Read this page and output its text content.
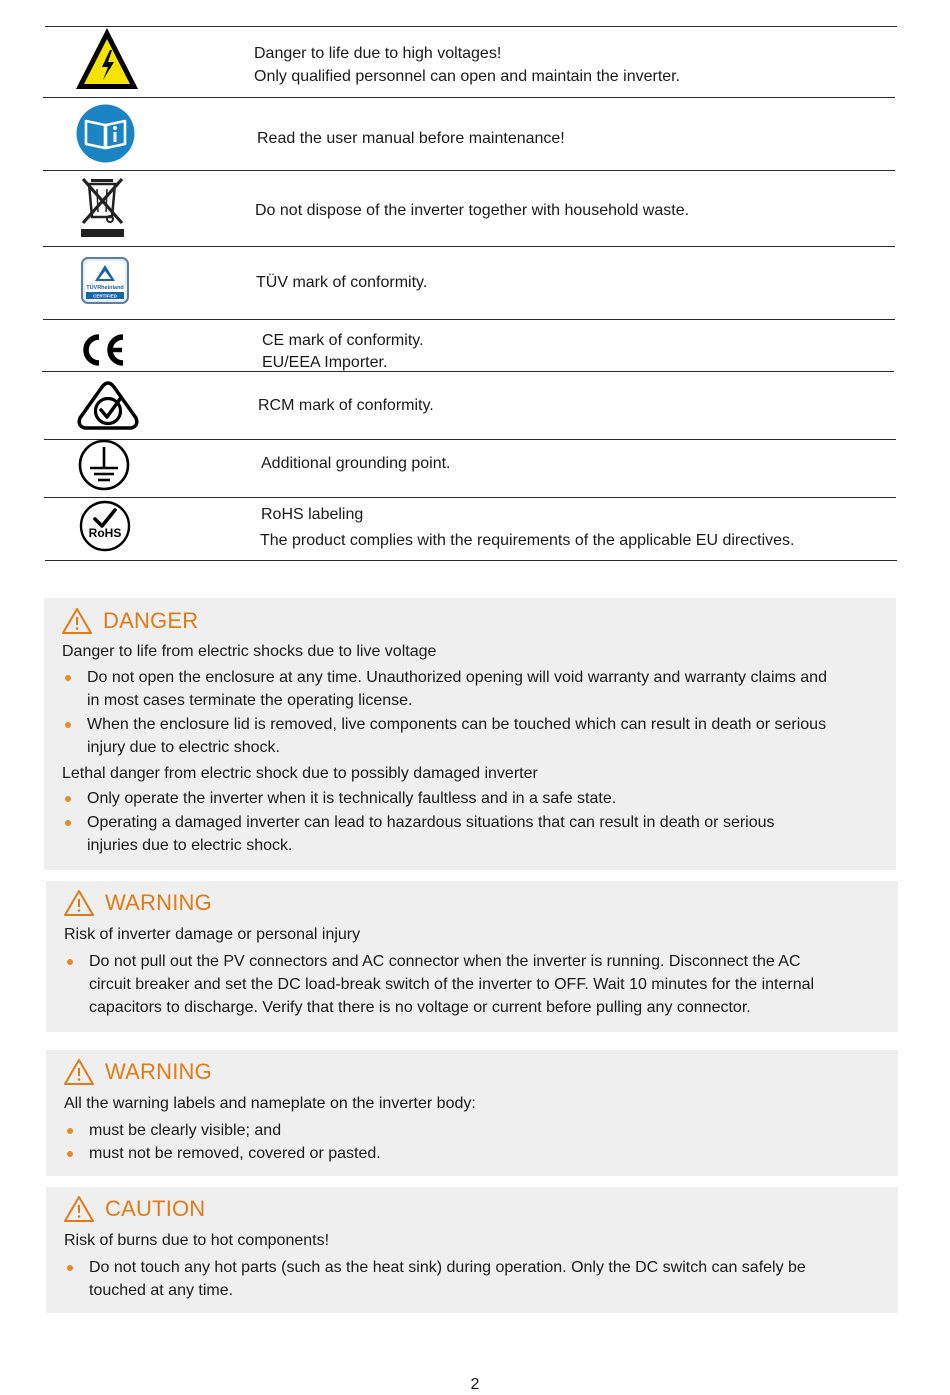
Danger to life due to high voltages!
Only qualified personnel can open and maintain the inverter.
Read the user manual before maintenance!
Do not dispose of the inverter together with household waste.
TÜVRheinland
CERTIFIED
TÜV mark of conformity.
CE mark of conformity.
EU/EEA Importer.
RCM mark of conformity.
Additional grounding point.
RoHS
RoHS labeling
The product complies with the requirements of the applicable EU directives.
DANGER
Danger to life from electric shocks due to live voltage
Do not open the enclosure at any time. Unauthorized opening will void warranty and warranty claims and
in most cases terminate the operating license.
When the enclosure lid is removed, live components can be touched which can result in death or serious
injury due to electric shock.
Lethal danger from electric shock due to possibly damaged inverter
Only operate the inverter when it is technically faultless and in a safe state.
Operating a damaged inverter can lead to hazardous situations that can result in death or serious
injuries due to electric shock.
WARNING
Risk of inverter damage or personal injury
Do not pull out the PV connectors and AC connector when the inverter is running. Disconnect the AC
circuit breaker and set the DC load-break switch of the inverter to OFF. Wait 10 minutes for the internal
capacitors to discharge. Verify that there is no voltage or current before pulling any connector.
WARNING
All the warning labels and nameplate on the inverter body:
must be clearly visible; and
must not be removed, covered or pasted.
CAUTION
Risk of burns due to hot components!
Do not touch any hot parts (such as the heat sink) during operation. Only the DC switch can safely be
touched at any time.
2
